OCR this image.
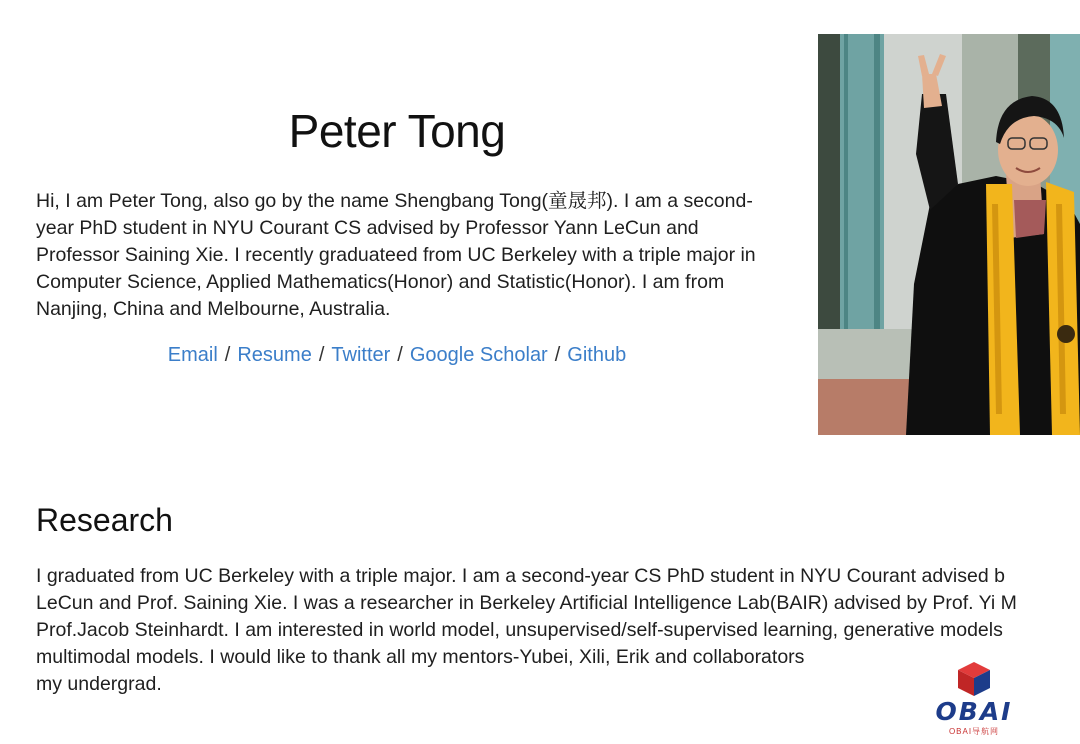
Peter Tong

Hi, I am Peter Tong, also go by the name Shengbang Tong(童晟邦). I am a second-year PhD student in NYU Courant CS advised by Professor Yann LeCun and Professor Saining Xie. I recently graduateed from UC Berkeley with a triple major in Computer Science, Applied Mathematics(Honor) and Statistic(Honor). I am from Nanjing, China and Melbourne, Australia.

Email / Resume / Twitter / Google Scholar / Github
Research

I graduated from UC Berkeley with a triple major. I am a second-year CS PhD student in NYU Courant advised b
LeCun and Prof. Saining Xie. I was a researcher in Berkeley Artificial Intelligence Lab(BAIR) advised by Prof. Yi M
Prof.Jacob Steinhardt. I am interested in world model, unsupervised/self-supervised learning, generative models
multimodal models. I would like to thank all my mentors-Yubei, Xili, Erik and collaborators
my undergrad.

OBAI
OBAI导航网
